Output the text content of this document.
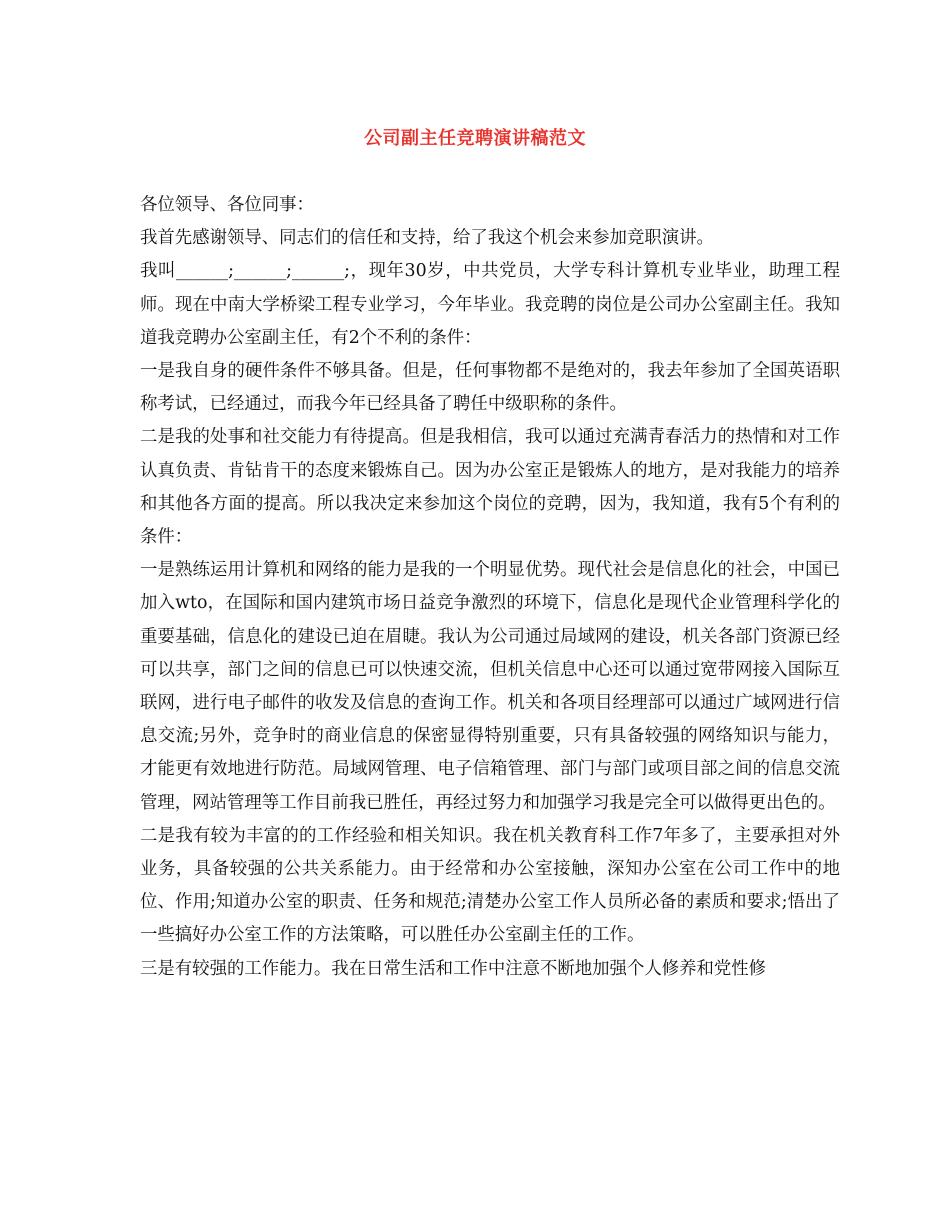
公司副主任竞聘演讲稿范文

各位领导、各位同事：

我首先感谢领导、同志们的信任和支持，给了我这个机会来参加竞职演讲。

我叫______;______;______;，现年30岁，中共党员，大学专科计算机专业毕业，助理工程师。现在中南大学桥梁工程专业学习，今年毕业。我竞聘的岗位是公司办公室副主任。我知道我竞聘办公室副主任，有2个不利的条件：

一是我自身的硬件条件不够具备。但是，任何事物都不是绝对的，我去年参加了全国英语职称考试，已经通过，而我今年已经具备了聘任中级职称的条件。

二是我的处事和社交能力有待提高。但是我相信，我可以通过充满青春活力的热情和对工作认真负责、肯钻肯干的态度来锻炼自己。因为办公室正是锻炼人的地方，是对我能力的培养和其他各方面的提高。所以我决定来参加这个岗位的竞聘，因为，我知道，我有5个有利的条件：

一是熟练运用计算机和网络的能力是我的一个明显优势。现代社会是信息化的社会，中国已加入wto，在国际和国内建筑市场日益竞争激烈的环境下，信息化是现代企业管理科学化的重要基础，信息化的建设已迫在眉睫。我认为公司通过局域网的建设，机关各部门资源已经可以共享，部门之间的信息已可以快速交流，但机关信息中心还可以通过宽带网接入国际互联网，进行电子邮件的收发及信息的查询工作。机关和各项目经理部可以通过广域网进行信息交流;另外，竞争时的商业信息的保密显得特别重要，只有具备较强的网络知识与能力，才能更有效地进行防范。局域网管理、电子信箱管理、部门与部门或项目部之间的信息交流管理，网站管理等工作目前我已胜任，再经过努力和加强学习我是完全可以做得更出色的。

二是我有较为丰富的的工作经验和相关知识。我在机关教育科工作7年多了，主要承担对外业务，具备较强的公共关系能力。由于经常和办公室接触，深知办公室在公司工作中的地位、作用;知道办公室的职责、任务和规范;清楚办公室工作人员所必备的素质和要求;悟出了一些搞好办公室工作的方法策略，可以胜任办公室副主任的工作。

三是有较强的工作能力。我在日常生活和工作中注意不断地加强个人修养和党性修
